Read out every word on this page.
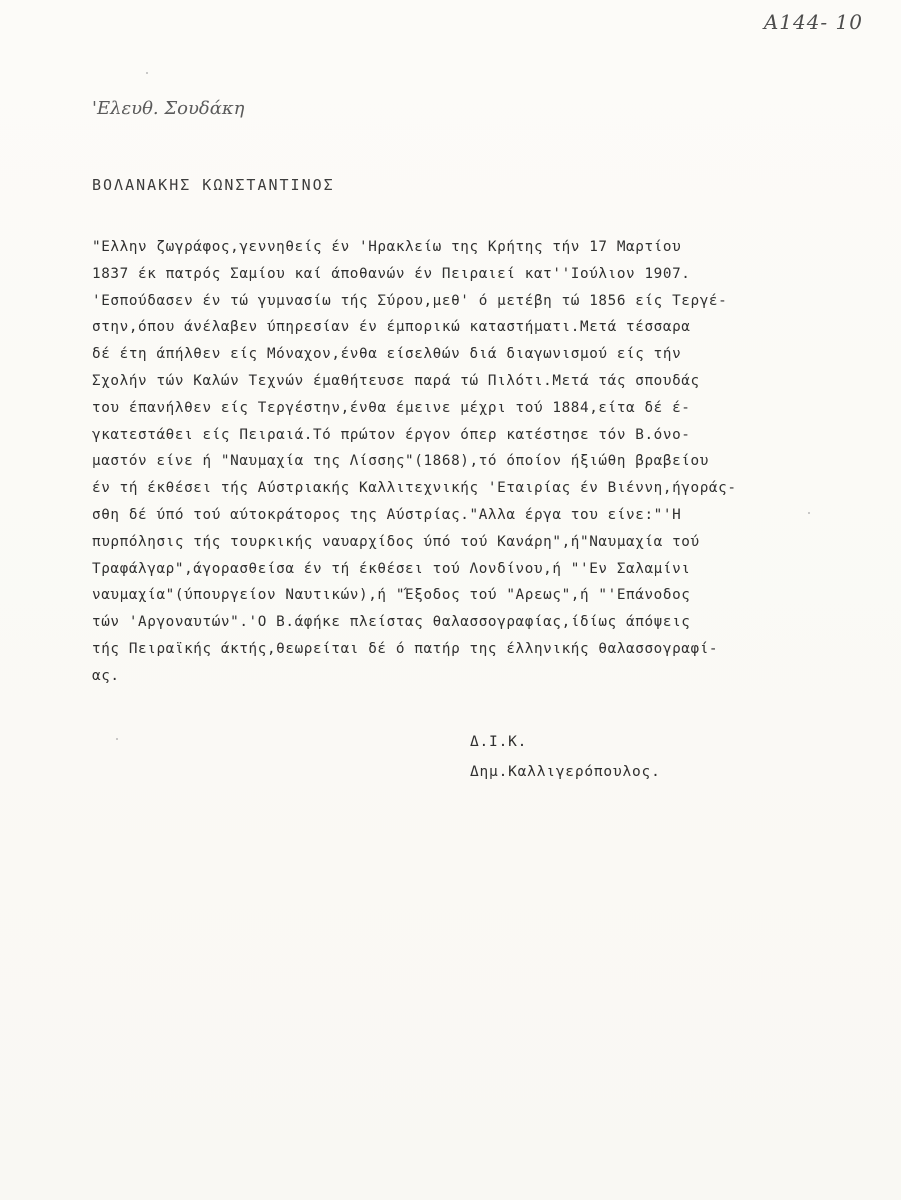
Α144- 10
'Ελευθ. Σουδάκη
ΒΟΛΑΝΑΚΗΣ ΚΩΝΣΤΑΝΤΙΝΟΣ
"Ελλην ζωγράφος,γεννηθείς έν 'Ηρακλείω της Κρήτης τήν 17 Μαρτίου
1837 έκ πατρός Σαμίου καί άποθανών έν Πειραιεί κατ''Ιούλιον 1907.
'Εσπούδασεν έν τώ γυμνασίω τής Σύρου,μεθ' ό μετέβη τώ 1856 είς Τεργέ-
στην,όπου άνέλαβεν ύπηρεσίαν έν έμπορικώ καταστήματι.Μετά τέσσαρα
δέ έτη άπήλθεν είς Μόναχον,ένθα είσελθών διά διαγωνισμού είς τήν
Σχολήν τών Καλών Τεχνών έμαθήτευσε παρά τώ Πιλότι.Μετά τάς σπουδάς
του έπανήλθεν είς Τεργέστην,ένθα έμεινε μέχρι τού 1884,είτα δέ έ-
γκατεστάθει είς Πειραιά.Τό πρώτον έργον όπερ κατέστησε τόν Β.όνο-
μαστόν είνε ή "Ναυμαχία της Λίσσης"(1868),τό όποίον ήξιώθη βραβείου
έν τή έκθέσει τής Αύστριακής Καλλιτεχνικής 'Εταιρίας έν Βιέννη,ήγοράς-
σθη δέ ύπό τού αύτοκράτορος της Αύστρίας."Αλλα έργα του είνε:"'Η
πυρπόλησις τής τουρκικής ναυαρχίδος ύπό τού Κανάρη",ή"Ναυμαχία τού
Τραφάλγαρ",άγορασθείσα έν τή έκθέσει τού Λονδίνου,ή "'Εν Σαλαμίνι
ναυμαχία"(ύπουργείον Ναυτικών),ή "Έξοδος τού "Αρεως",ή "'Επάνοδος
τών 'Αργοναυτών".'Ο Β.άφήκε πλείστας θαλασσογραφίας,ίδίως άπόψεις
τής Πειραϊκής άκτής,θεωρείται δέ ό πατήρ της έλληνικής θαλασσογραφί-
ας.
Δ.Ι.Κ.
Δημ.Καλλιγερόπουλος.
